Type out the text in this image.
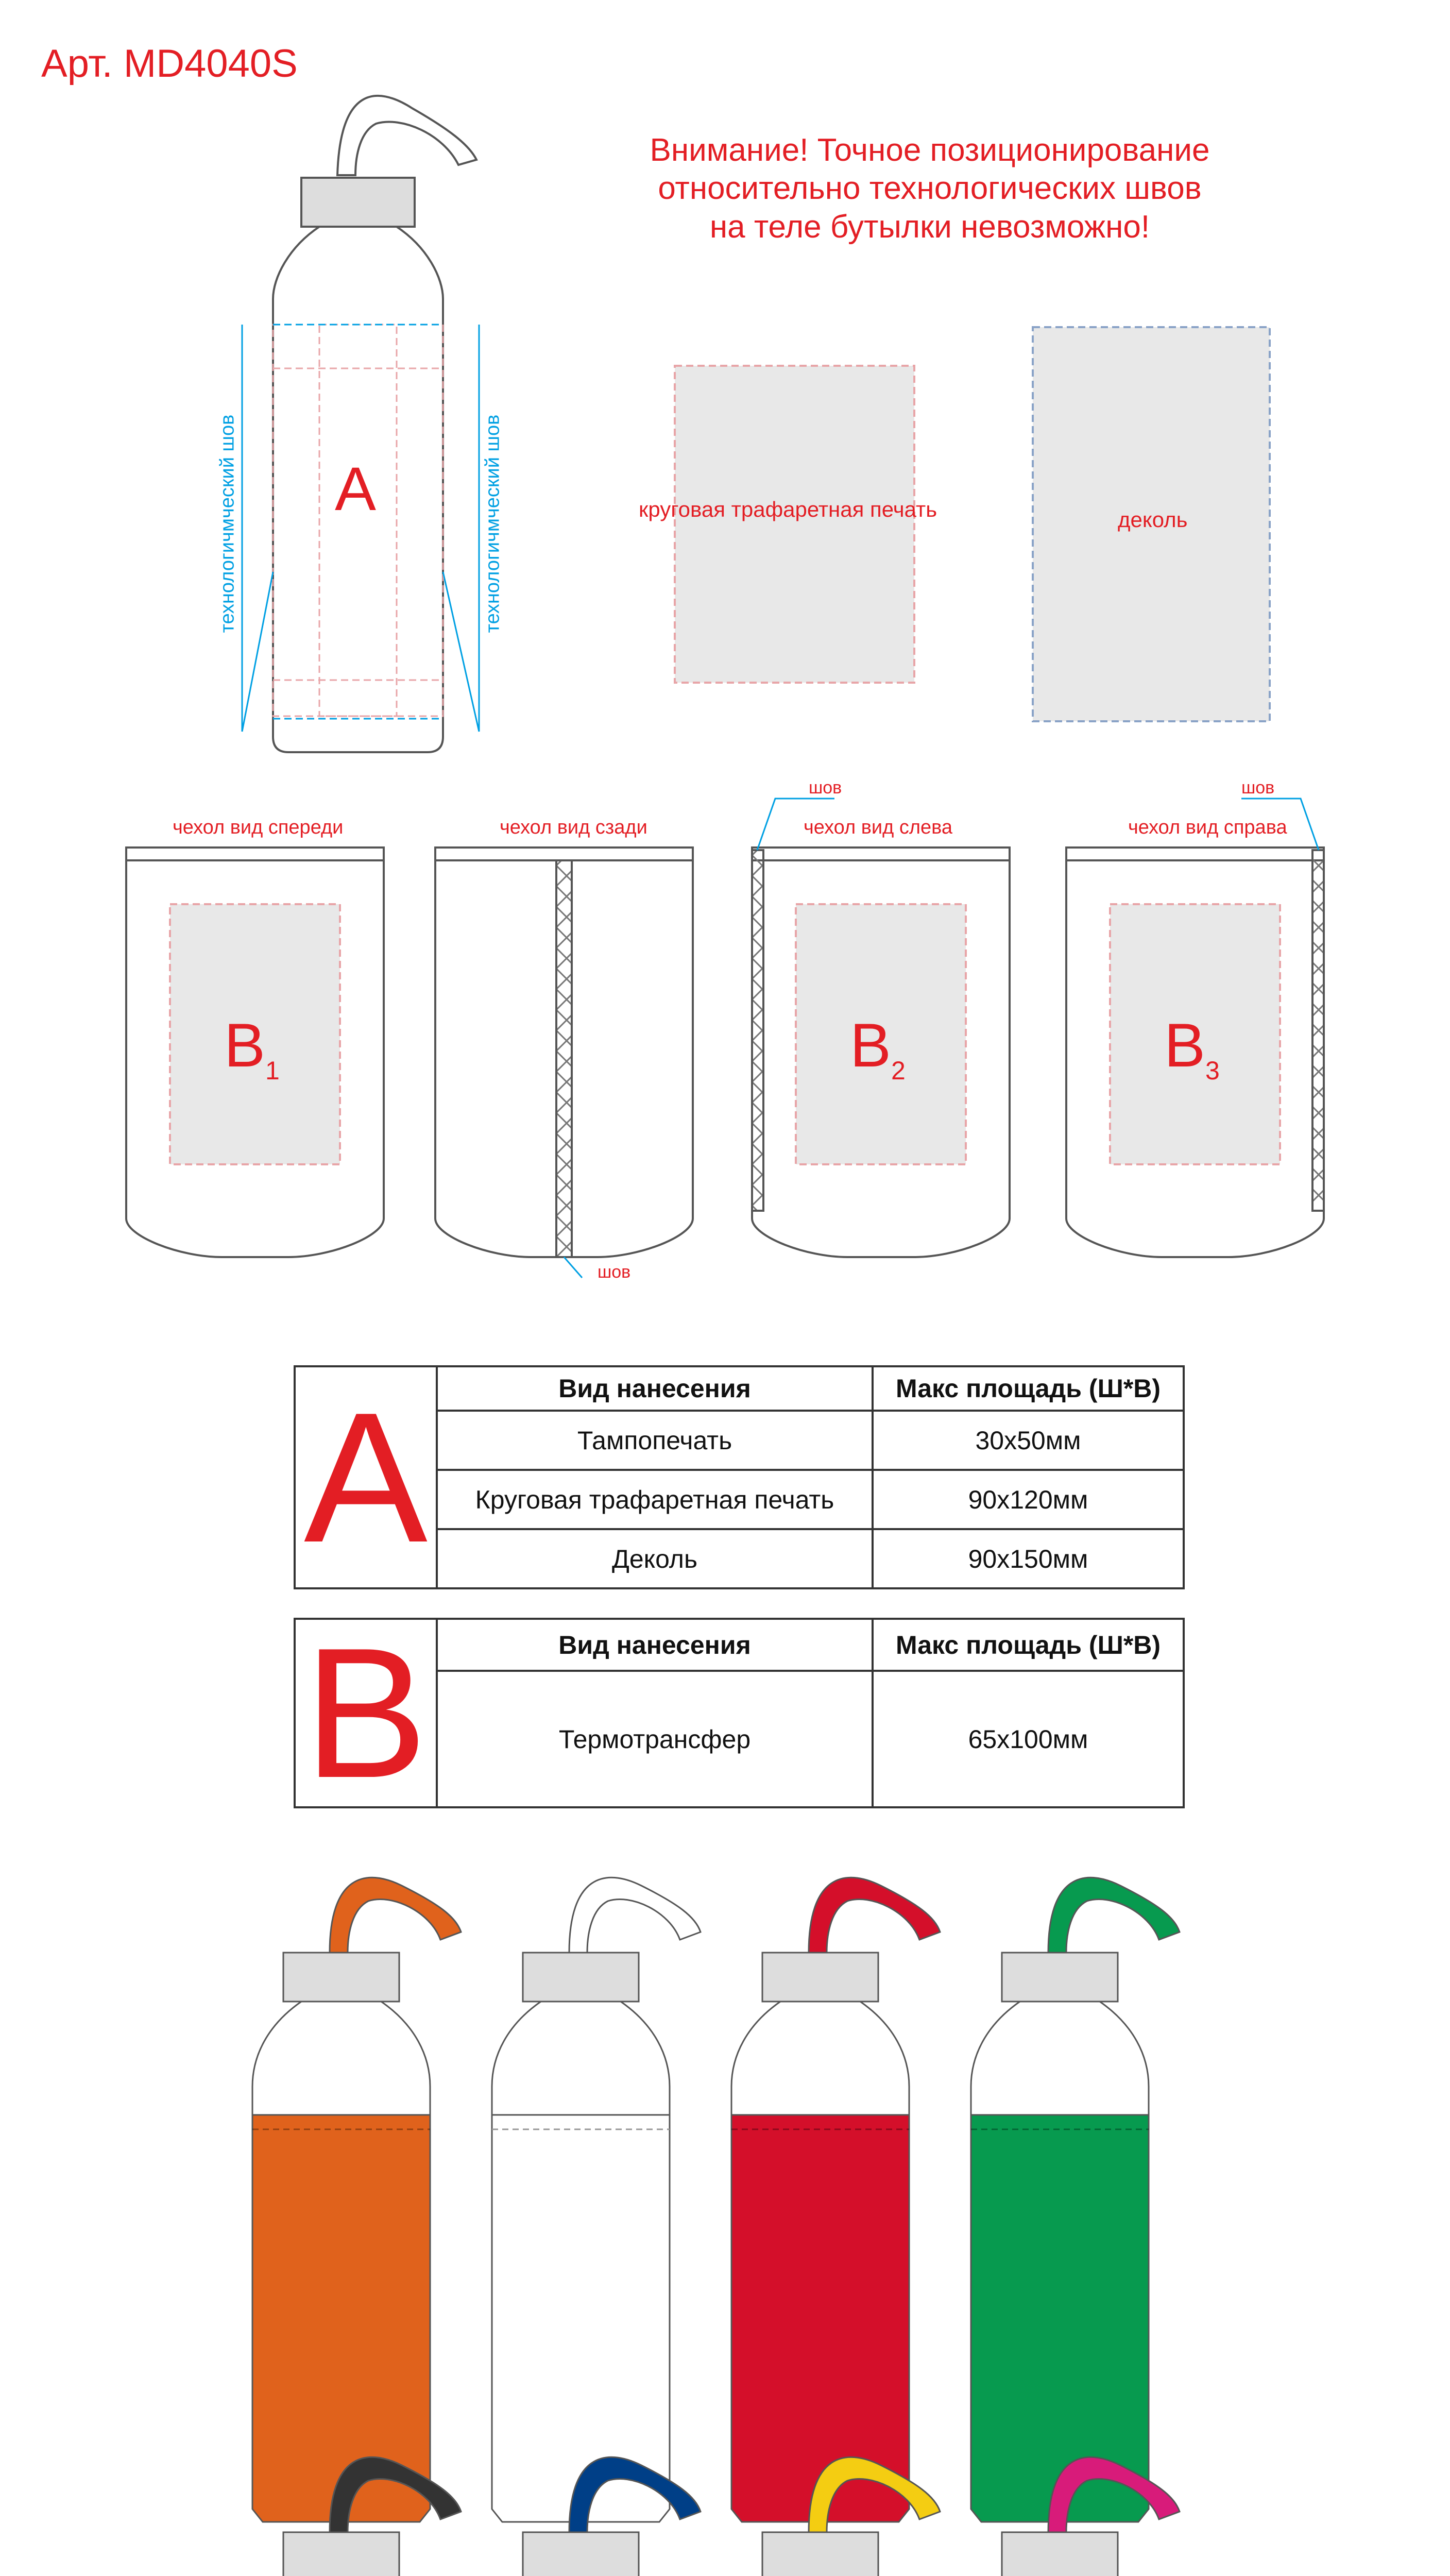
Арт. MD4040S
Внимание! Точное позиционирование
относительно технологических швов
на теле бутылки невозможно!
технологичмческий шов	технологичмческий шов
A	круговая трафаретная печать	деколь
чехол вид спереди	чехол вид сзади	чехол вид слева	чехол вид справа
шов
шов	шов
$B_1$	$B_2$	$B_3$
A	Вид нанесения	Макс площадь (Ш*В)
	Тампопечать	30х50мм
	Круговая трафаретная печать	90х120мм
	Деколь	90х150мм
B	Вид нанесения	Макс площадь (Ш*В)
	Термотрансфер	65х100мм
